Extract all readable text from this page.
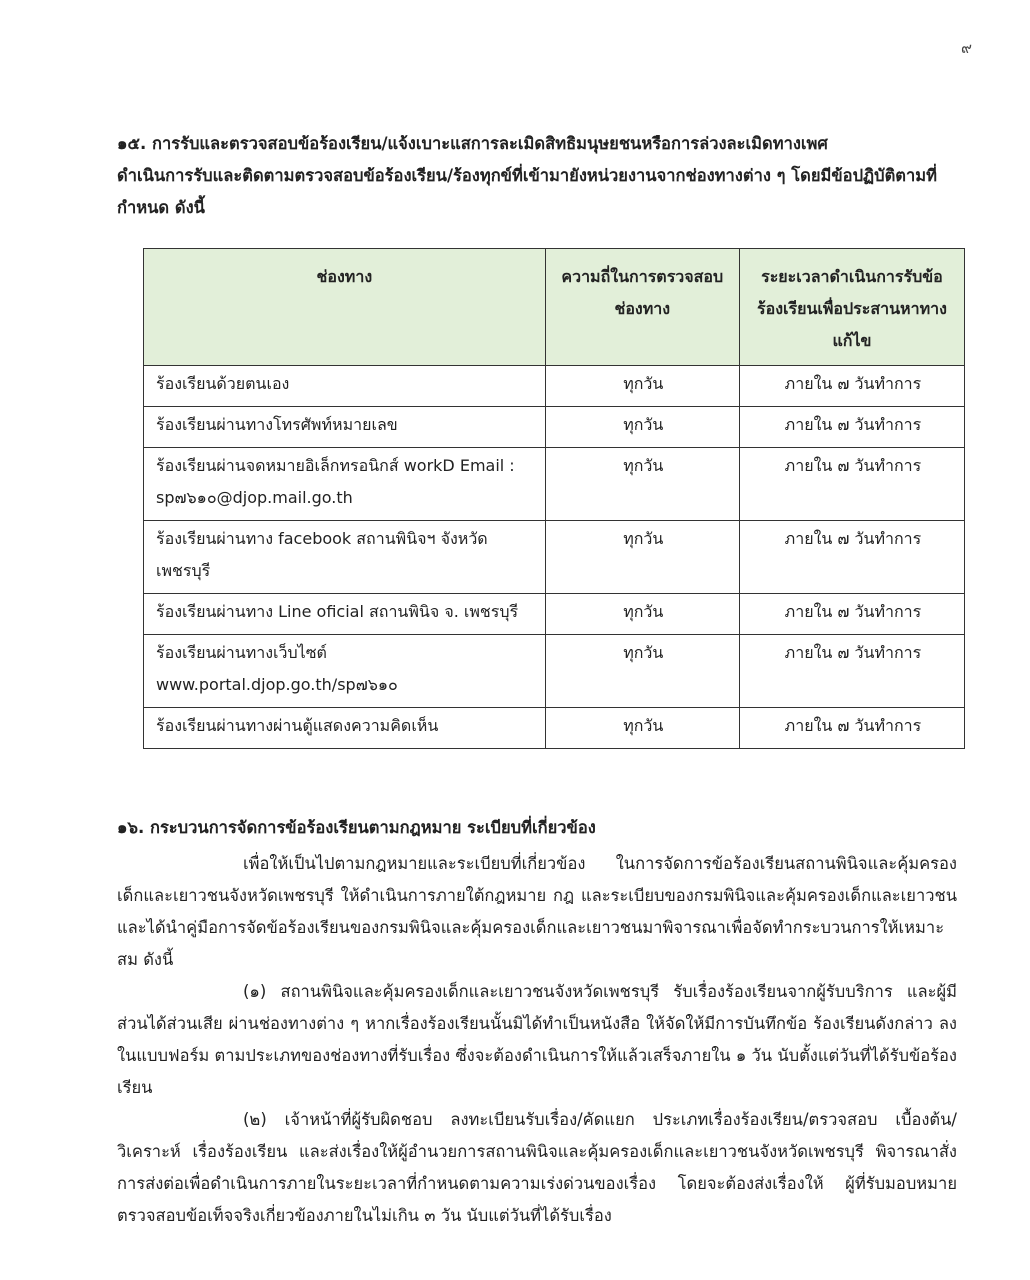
๙

๑๕. การรับและตรวจสอบข้อร้องเรียน/แจ้งเบาะแสการละเมิดสิทธิมนุษยชนหรือการล่วงละเมิดทางเพศ

ดำเนินการรับและติดตามตรวจสอบข้อร้องเรียน/ร้องทุกข์ที่เข้ามายังหน่วยงานจากช่องทางต่าง ๆ โดยมีข้อปฏิบัติตามที่กำหนด ดังนี้

ช่องทาง	ความถี่ในการตรวจสอบช่องทาง	ระยะเวลาดำเนินการรับข้อร้องเรียนเพื่อประสานหาทางแก้ไข
ร้องเรียนด้วยตนเอง	ทุกวัน	ภายใน ๗ วันทำการ
ร้องเรียนผ่านทางโทรศัพท์หมายเลข	ทุกวัน	ภายใน ๗ วันทำการ
ร้องเรียนผ่านจดหมายอิเล็กทรอนิกส์ workD Email : sp๗๖๑๐@djop.mail.go.th	ทุกวัน	ภายใน ๗ วันทำการ
ร้องเรียนผ่านทาง facebook สถานพินิจฯ จังหวัดเพชรบุรี	ทุกวัน	ภายใน ๗ วันทำการ
ร้องเรียนผ่านทาง Line oficial สถานพินิจ จ. เพชรบุรี	ทุกวัน	ภายใน ๗ วันทำการ
ร้องเรียนผ่านทางเว็บไซต์ www.portal.djop.go.th/sp๗๖๑๐	ทุกวัน	ภายใน ๗ วันทำการ
ร้องเรียนผ่านทางผ่านตู้แสดงความคิดเห็น	ทุกวัน	ภายใน ๗ วันทำการ

๑๖. กระบวนการจัดการข้อร้องเรียนตามกฎหมาย ระเบียบที่เกี่ยวข้อง

เพื่อให้เป็นไปตามกฎหมายและระเบียบที่เกี่ยวข้อง ในการจัดการข้อร้องเรียนสถานพินิจและคุ้มครองเด็กและเยาวชนจังหวัดเพชรบุรี ให้ดำเนินการภายใต้กฎหมาย กฎ และระเบียบของกรมพินิจและคุ้มครองเด็กและเยาวชน และได้นำคู่มือการจัดข้อร้องเรียนของกรมพินิจและคุ้มครองเด็กและเยาวชนมาพิจารณาเพื่อจัดทำกระบวนการให้เหมาะสม ดังนี้

(๑) สถานพินิจและคุ้มครองเด็กและเยาวชนจังหวัดเพชรบุรี รับเรื่องร้องเรียนจากผู้รับบริการ และผู้มีส่วนได้ส่วนเสีย ผ่านช่องทางต่าง ๆ หากเรื่องร้องเรียนนั้นมิได้ทำเป็นหนังสือ ให้จัดให้มีการบันทึกข้อ ร้องเรียนดังกล่าว ลงในแบบฟอร์ม ตามประเภทของช่องทางที่รับเรื่อง ซึ่งจะต้องดำเนินการให้แล้วเสร็จภายใน ๑ วัน นับตั้งแต่วันที่ได้รับข้อร้องเรียน

(๒) เจ้าหน้าที่ผู้รับผิดชอบ ลงทะเบียนรับเรื่อง/คัดแยก ประเภทเรื่องร้องเรียน/ตรวจสอบ เบื้องต้น/วิเคราะห์ เรื่องร้องเรียน และส่งเรื่องให้ผู้อำนวยการสถานพินิจและคุ้มครองเด็กและเยาวชนจังหวัดเพชรบุรี พิจารณาสั่งการส่งต่อเพื่อดำเนินการภายในระยะเวลาที่กำหนดตามความเร่งด่วนของเรื่อง โดยจะต้องส่งเรื่องให้ ผู้ที่รับมอบหมายตรวจสอบข้อเท็จจริงเกี่ยวข้องภายในไม่เกิน ๓ วัน นับแต่วันที่ได้รับเรื่อง
